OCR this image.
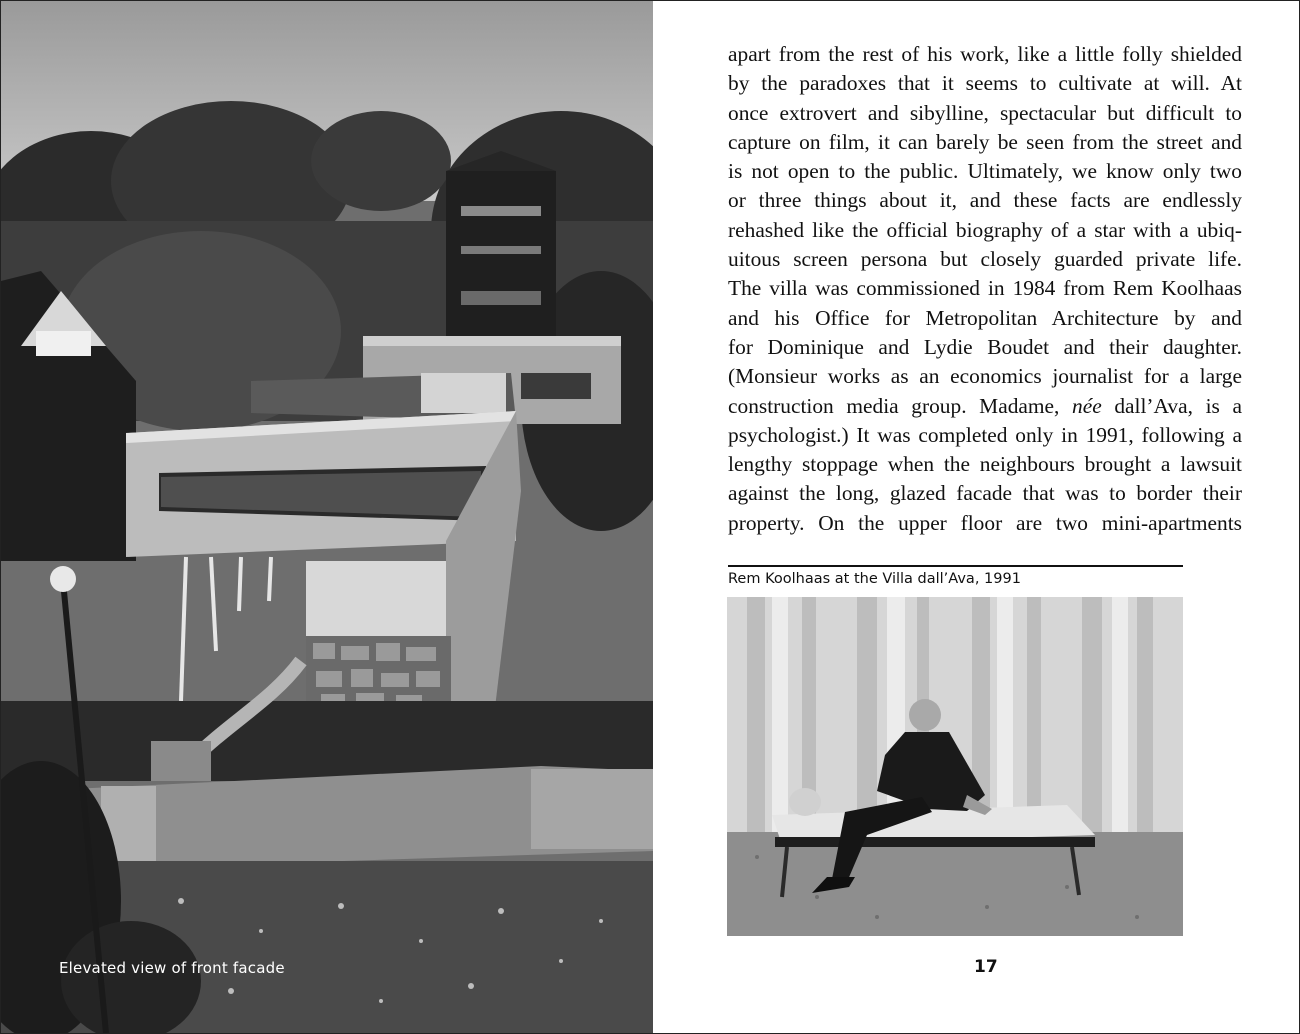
Elevated view of front facade

apart from the rest of his work, like a little folly shielded
by the paradoxes that it seems to cultivate at will. At
once extrovert and sibylline, spectacular but difficult to
capture on film, it can barely be seen from the street and
is not open to the public. Ultimately, we know only two
or three things about it, and these facts are endlessly
rehashed like the official biography of a star with a ubiq-
uitous screen persona but closely guarded private life.
The villa was commissioned in 1984 from Rem Koolhaas
and his Office for Metropolitan Architecture by and
for Dominique and Lydie Boudet and their daughter.
(Monsieur works as an economics journalist for a large
construction media group. Madame, née dall’Ava, is a
psychologist.) It was completed only in 1991, following a
lengthy stoppage when the neighbours brought a lawsuit
against the long, glazed facade that was to border their
property. On the upper floor are two mini-apartments

Rem Koolhaas at the Villa dall’Ava, 1991
17
